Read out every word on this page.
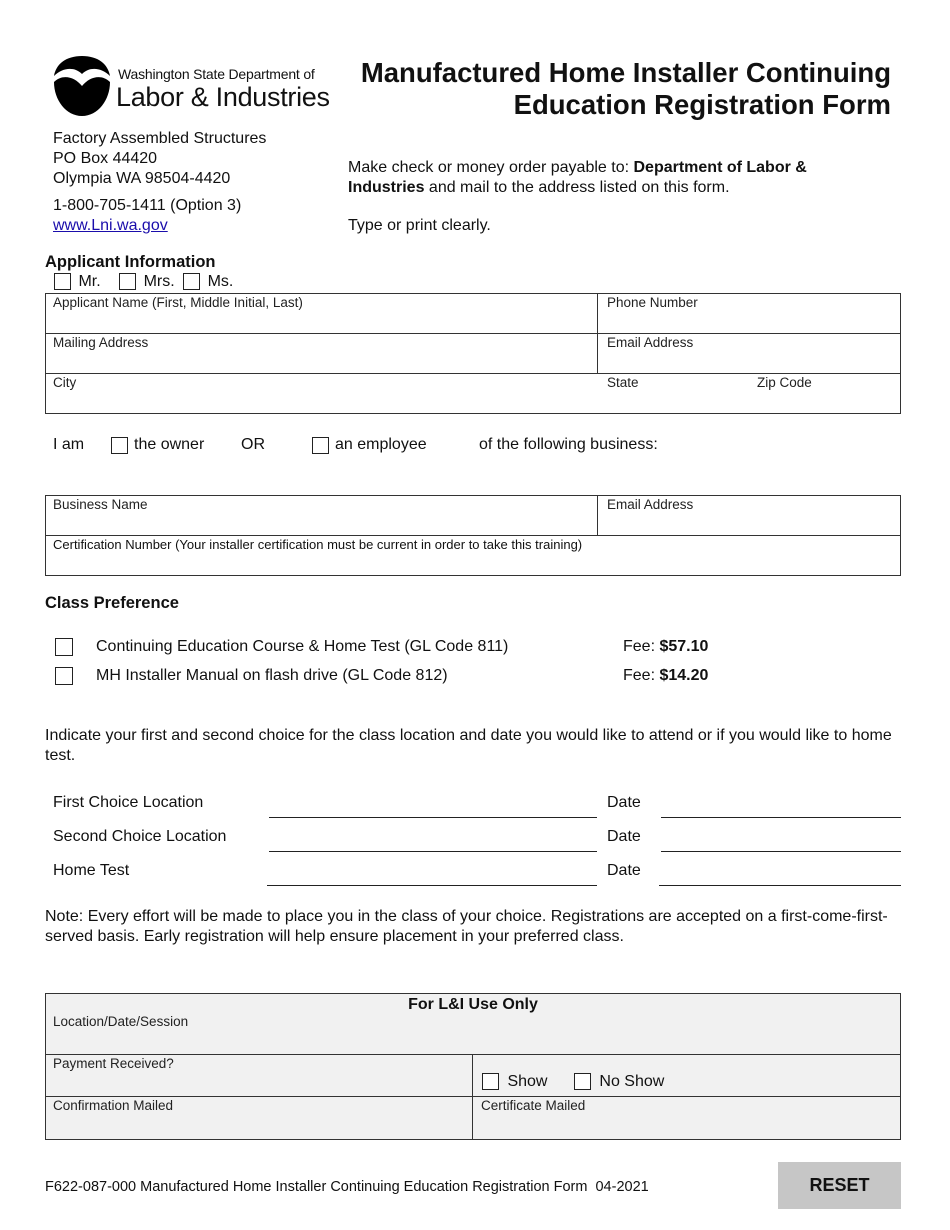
Washington State Department of
Labor & Industries
Manufactured Home Installer Continuing
Education Registration Form
Factory Assembled Structures
PO Box 44420
Olympia WA 98504-4420
1-800-705-1411 (Option 3)
www.Lni.wa.gov
Make check or money order payable to: Department of Labor & Industries and mail to the address listed on this form.
Type or print clearly.
Applicant Information
Mr.	Mrs. Ms.
Applicant Name (First, Middle Initial, Last)	Phone Number
Mailing Address	Email Address
City	State	Zip Code
I am	the owner OR	an employee	of the following business:
Business Name	Email Address
Certification Number (Your installer certification must be current in order to take this training)
Class Preference
Continuing Education Course & Home Test (GL Code 811)	Fee: $57.10
MH Installer Manual on flash drive (GL Code 812)	Fee: $14.20
Indicate your first and second choice for the class location and date you would like to attend or if you would like to home test.
First Choice Location	Date
Second Choice Location	Date
Home Test	Date
Note: Every effort will be made to place you in the class of your choice. Registrations are accepted on a first-come-first-served basis. Early registration will help ensure placement in your preferred class.
For L&I Use Only
Location/Date/Session
Payment Received?
Show	No Show
Confirmation Mailed	Certificate Mailed
F622-087-000 Manufactured Home Installer Continuing Education Registration Form  04-2021	RESET
